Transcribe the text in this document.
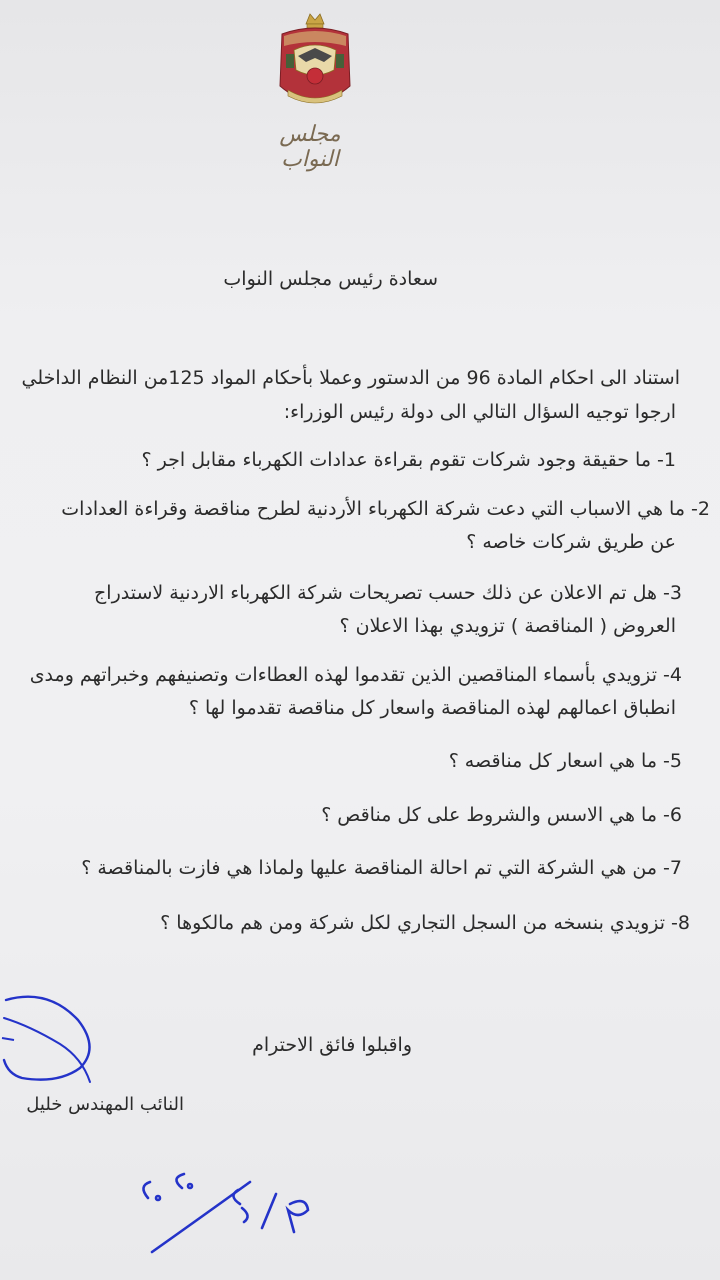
مجلس النواب
سعادة رئيس مجلس النواب
استناد الى احكام المادة 96 من الدستور وعملا بأحكام المواد 125من النظام الداخلي
ارجوا توجيه السؤال التالي الى دولة رئيس الوزراء:
1- ما حقيقة وجود شركات تقوم بقراءة عدادات الكهرباء مقابل اجر ؟
2- ما هي الاسباب التي دعت شركة الكهرباء الأردنية لطرح مناقصة وقراءة العدادات
عن طريق شركات خاصه ؟
3- هل تم الاعلان عن ذلك حسب تصريحات شركة الكهرباء الاردنية لاستدراج
العروض ( المناقصة ) تزويدي بهذا الاعلان ؟
4- تزويدي بأسماء المناقصين الذين تقدموا لهذه العطاءات وتصنيفهم وخبراتهم ومدى
انطباق اعمالهم لهذه المناقصة واسعار كل مناقصة تقدموا لها ؟
5- ما هي اسعار كل مناقصه ؟
6- ما هي الاسس والشروط على كل مناقص ؟
7- من هي الشركة التي تم احالة المناقصة عليها ولماذا هي فازت بالمناقصة ؟
8- تزويدي بنسخه من السجل التجاري لكل شركة ومن هم مالكوها ؟
واقبلوا فائق الاحترام
النائب المهندس خليل
